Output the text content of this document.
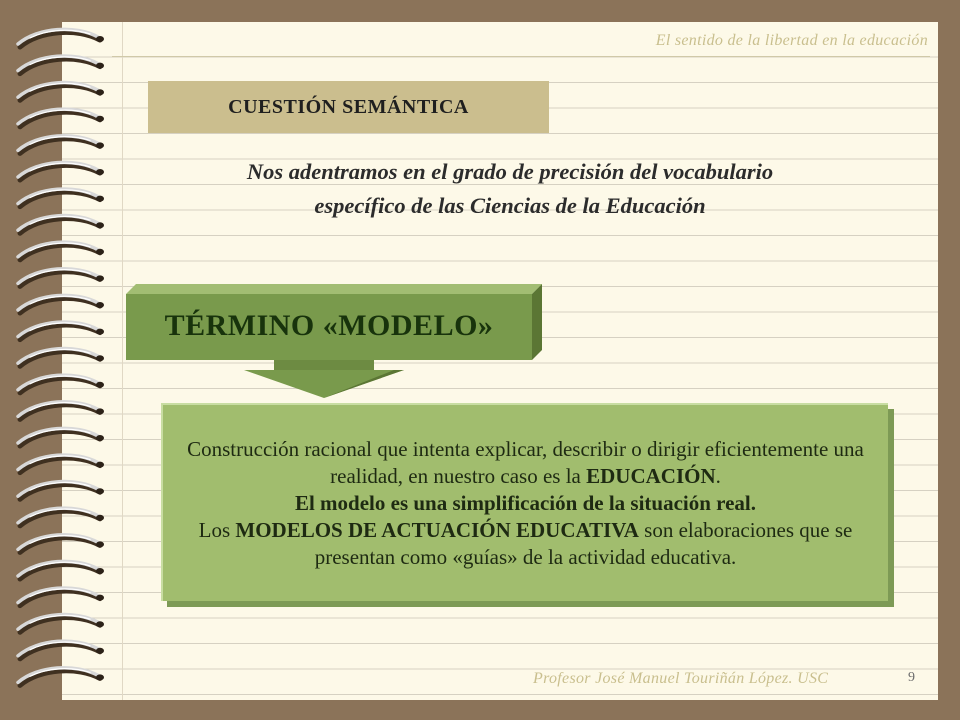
El sentido de la libertad en la educación
CUESTIÓN SEMÁNTICA
Nos adentramos en el grado de precisión del vocabulario
específico de las Ciencias de la Educación
TÉRMINO «MODELO»

Construcción racional que intenta explicar, describir o dirigir eficientemente una realidad, en nuestro caso es la EDUCACIÓN.

El modelo es una simplificación de la situación real.

Los MODELOS DE ACTUACIÓN EDUCATIVA son elaboraciones que se presentan como «guías» de la actividad educativa.

Profesor José Manuel Touriñán López. USC	9
